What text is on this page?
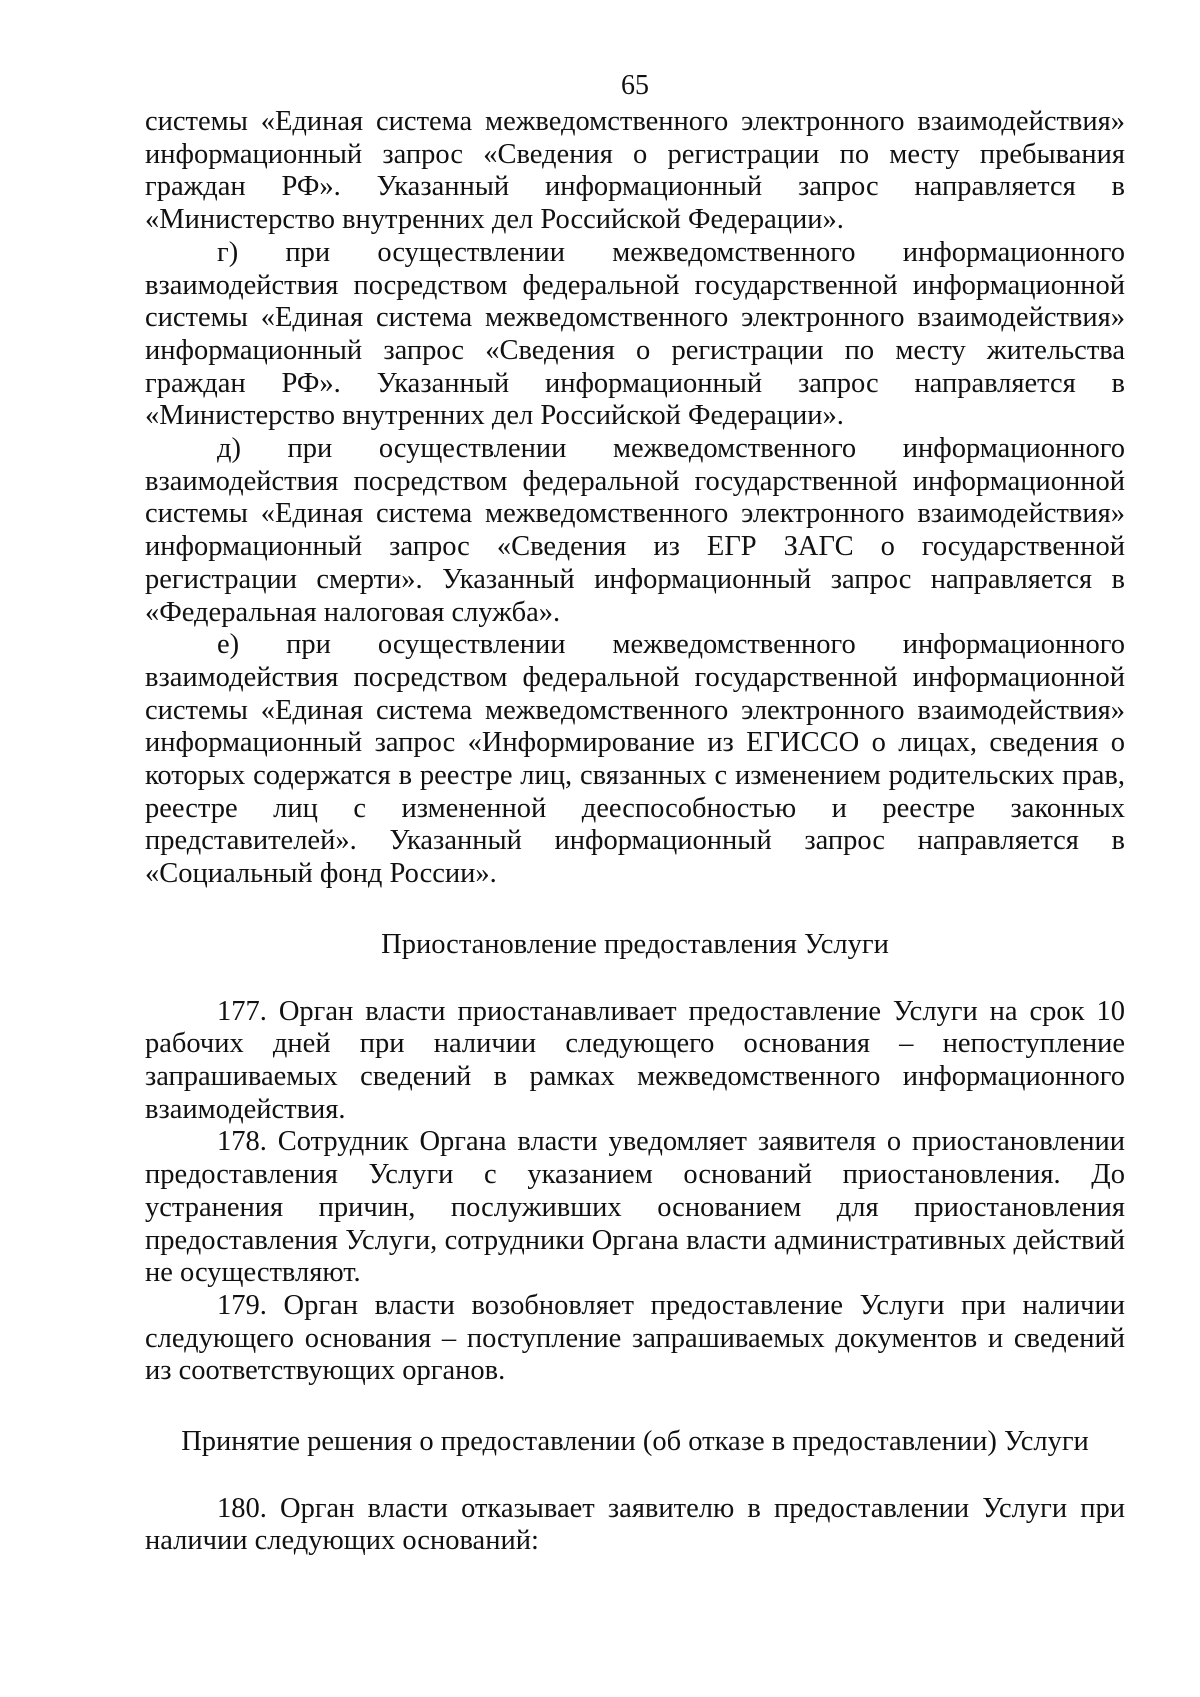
65

системы «Единая система межведомственного электронного взаимодействия» информационный запрос «Сведения о регистрации по месту пребывания граждан РФ». Указанный информационный запрос направляется в «Министерство внутренних дел Российской Федерации».

г) при осуществлении межведомственного информационного взаимодействия посредством федеральной государственной информационной системы «Единая система межведомственного электронного взаимодействия» информационный запрос «Сведения о регистрации по месту жительства граждан РФ». Указанный информационный запрос направляется в «Министерство внутренних дел Российской Федерации».

д) при осуществлении межведомственного информационного взаимодействия посредством федеральной государственной информационной системы «Единая система межведомственного электронного взаимодействия» информационный запрос «Сведения из ЕГР ЗАГС о государственной регистрации смерти». Указанный информационный запрос направляется в «Федеральная налоговая служба».

е) при осуществлении межведомственного информационного взаимодействия посредством федеральной государственной информационной системы «Единая система межведомственного электронного взаимодействия» информационный запрос «Информирование из ЕГИССО о лицах, сведения о которых содержатся в реестре лиц, связанных с изменением родительских прав, реестре лиц с измененной дееспособностью и реестре законных представителей». Указанный информационный запрос направляется в «Социальный фонд России».

Приостановление предоставления Услуги

177. Орган власти приостанавливает предоставление Услуги на срок 10 рабочих дней при наличии следующего основания – непоступление запрашиваемых сведений в рамках межведомственного информационного взаимодействия.

178. Сотрудник Органа власти уведомляет заявителя о приостановлении предоставления Услуги с указанием оснований приостановления. До устранения причин, послуживших основанием для приостановления предоставления Услуги, сотрудники Органа власти административных действий не осуществляют.

179. Орган власти возобновляет предоставление Услуги при наличии следующего основания – поступление запрашиваемых документов и сведений из соответствующих органов.

Принятие решения о предоставлении (об отказе в предоставлении) Услуги

180. Орган власти отказывает заявителю в предоставлении Услуги при наличии следующих оснований:
